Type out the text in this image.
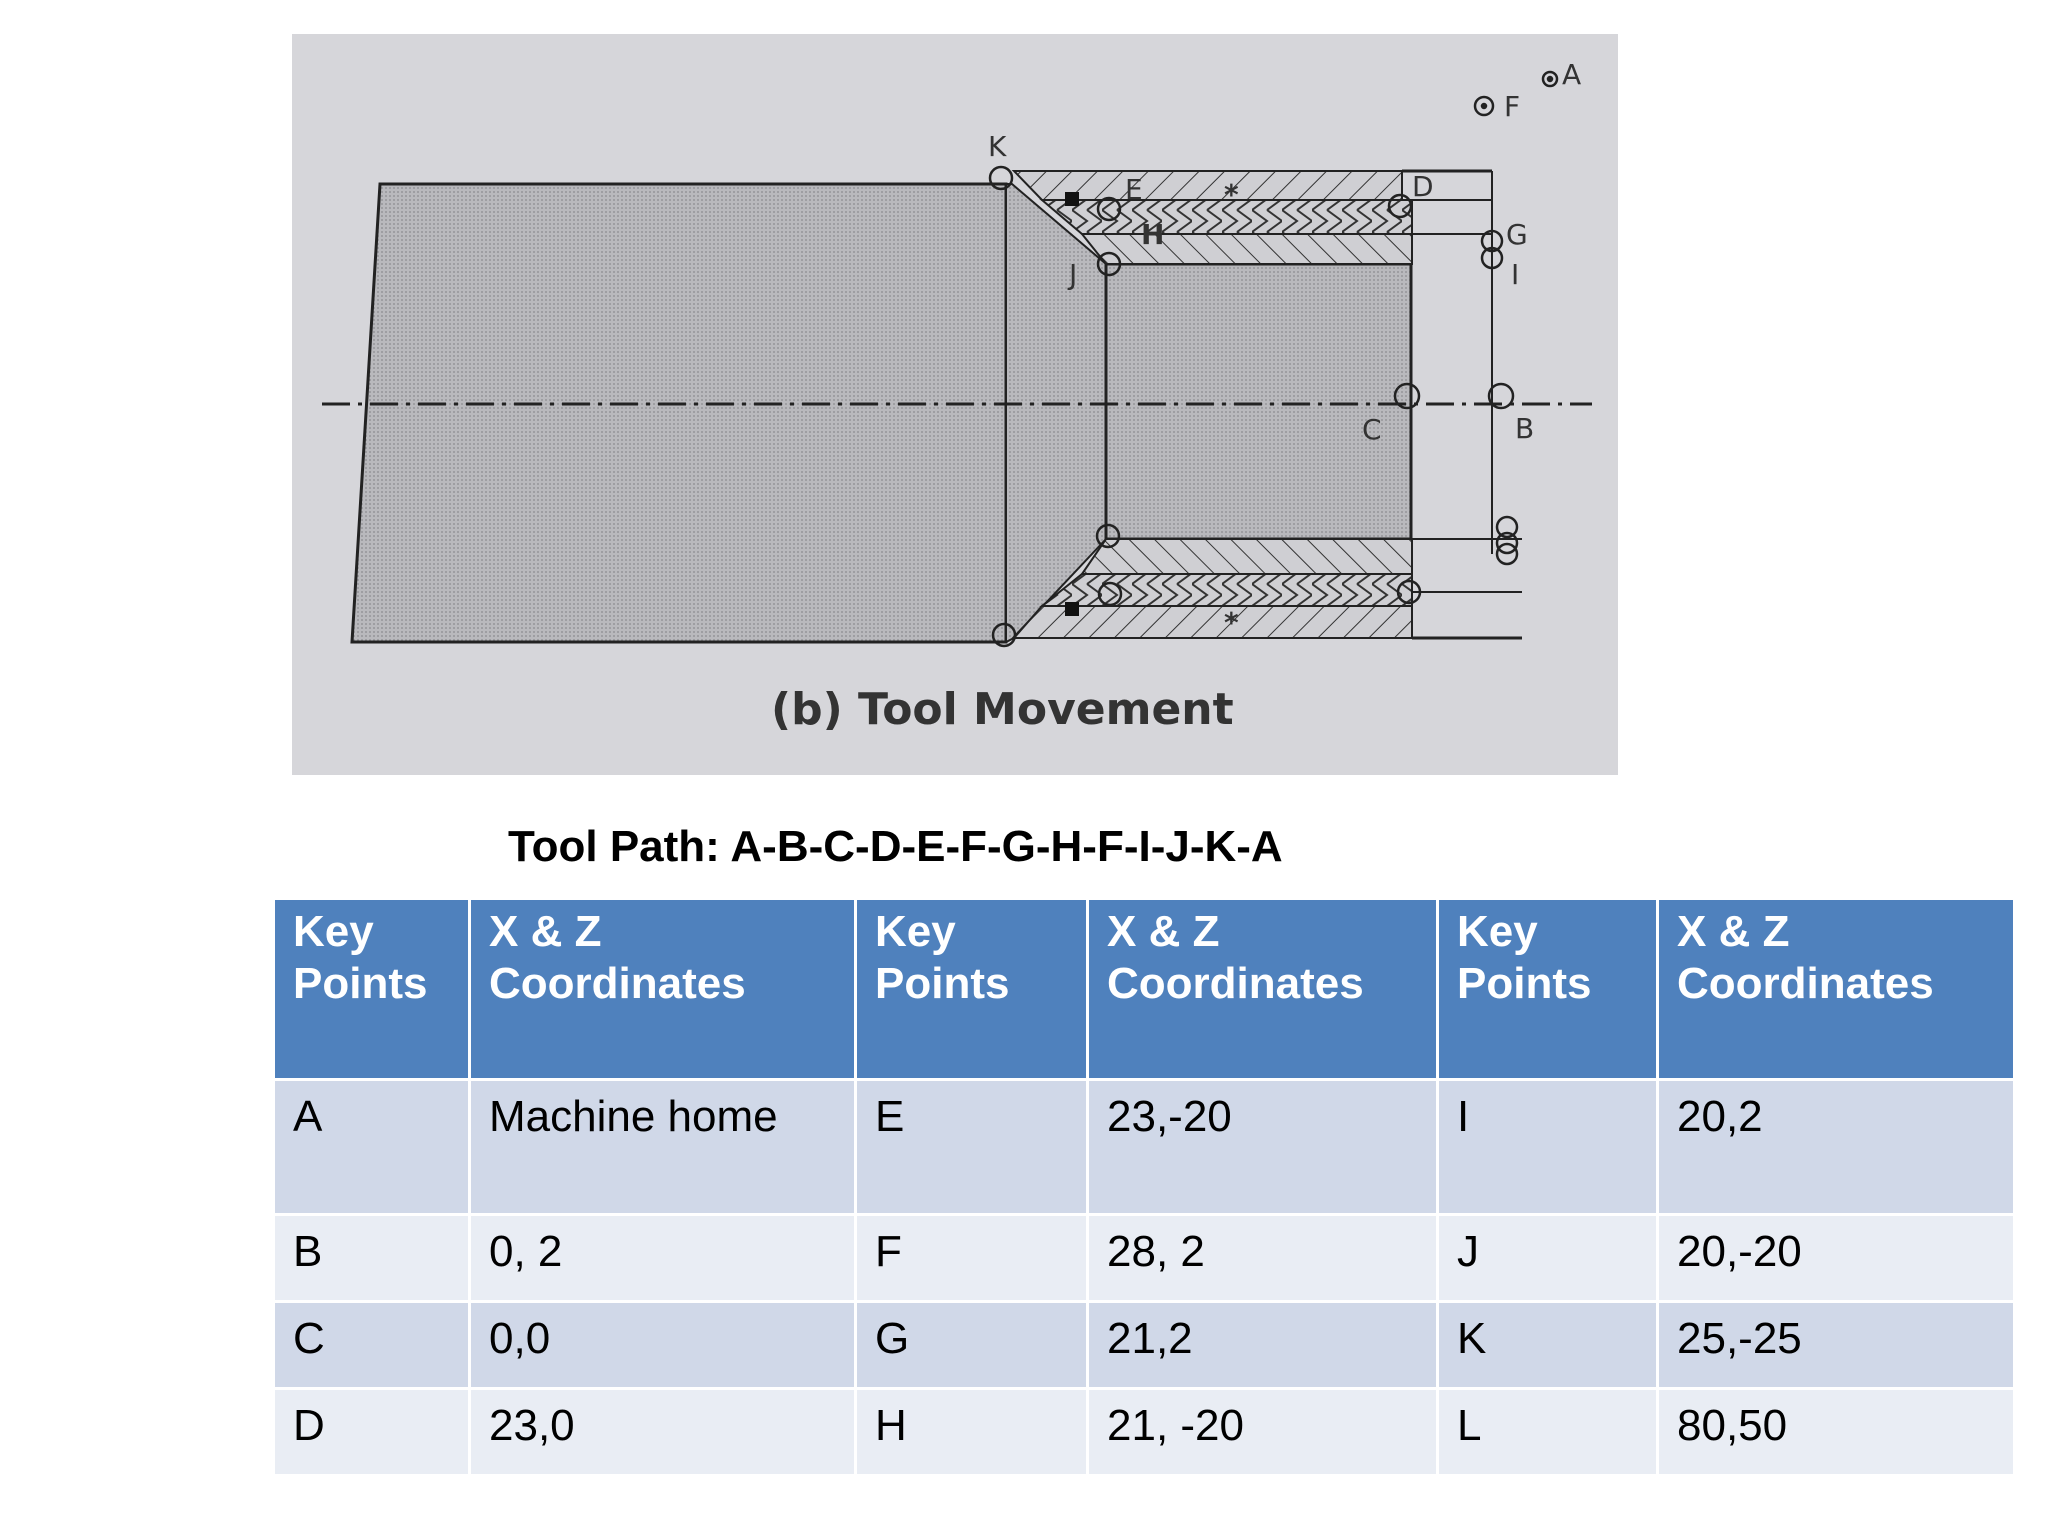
*
*
A
F
B
C
D
E
G
H
I
J
K
(b) Tool Movement
Tool Path: A-B-C-D-E-F-G-H-F-I-J-K-A
Key Points	X & Z Coordinates	Key Points	X & Z Coordinates	Key Points	X & Z Coordinates
A	Machine home	E	23,-20	I	20,2
B	0, 2	F	28, 2	J	20,-20
C	0,0	G	21,2	K	25,-25
D	23,0	H	21, -20	L	80,50
